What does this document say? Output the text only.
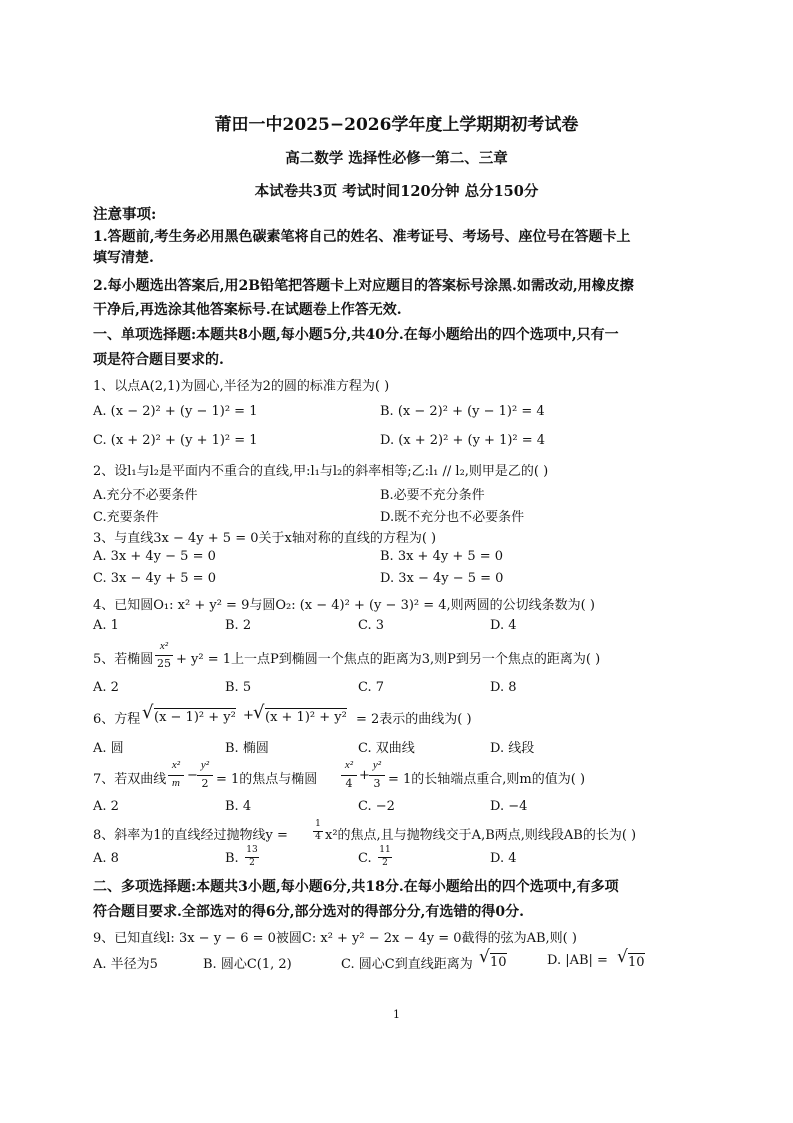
莆田一中2025−2026学年度上学期期初考试卷
高二数学 选择性必修一第二、三章
本试卷共3页 考试时间120分钟 总分150分
注意事项:
1.答题前,考生务必用黑色碳素笔将自己的姓名、准考证号、考场号、座位号在答题卡上
填写清楚.
2.每小题选出答案后,用2B铅笔把答题卡上对应题目的答案标号涂黑.如需改动,用橡皮擦
干净后,再选涂其他答案标号.在试题卷上作答无效.
一、单项选择题:本题共8小题,每小题5分,共40分.在每小题给出的四个选项中,只有一
项是符合题目要求的.
1、以点A(2,1)为圆心,半径为2的圆的标准方程为( )
A. (x − 2)² + (y − 1)² = 1	B. (x − 2)² + (y − 1)² = 4
C. (x + 2)² + (y + 1)² = 1	D. (x + 2)² + (y + 1)² = 4
2、设l₁与l₂是平面内不重合的直线,甲:l₁与l₂的斜率相等;乙:l₁ // l₂,则甲是乙的( )
A.充分不必要条件	B.必要不充分条件
C.充要条件	D.既不充分也不必要条件
3、与直线3x − 4y + 5 = 0关于x轴对称的直线的方程为( )
A. 3x + 4y − 5 = 0	B. 3x + 4y + 5 = 0
C. 3x − 4y + 5 = 0	D. 3x − 4y − 5 = 0
4、已知圆O₁: x² + y² = 9与圆O₂: (x − 4)² + (y − 3)² = 4,则两圆的公切线条数为( )
A. 1	B. 2	C. 3	D. 4
5、若椭圆
x²
25 + y² = 1上一点P到椭圆一个焦点的距离为3,则P到另一个焦点的距离为( )
A. 2	B. 5	C. 7	D. 8
6、方程 √ (x − 1)² + y² + √ (x + 1)² + y² = 2表示的曲线为( )
A. 圆	B. 椭圆	C. 双曲线	D. 线段
7、若双曲线
x²
m −
y²
2 = 1的焦点与椭圆
x²
4
+
y²
3 = 1的长轴端点重合,则m的值为( )
A. 2	B. 4	C. −2	D. −4
8、斜率为1的直线经过抛物线y =
1
4 x²的焦点,且与抛物线交于A,B两点,则线段AB的长为( )
A. 8	B.
13
2	C.
11
2	D. 4
二、多项选择题:本题共3小题,每小题6分,共18分.在每小题给出的四个选项中,有多项
符合题目要求.全部选对的得6分,部分选对的得部分分,有选错的得0分.
9、已知直线l: 3x − y − 6 = 0被圆C: x² + y² − 2x − 4y = 0截得的弦为AB,则( )
A. 半径为5	B. 圆心C(1, 2)	C. 圆心C到直线距离为 √ 10	D. |AB| = √ 10
1
